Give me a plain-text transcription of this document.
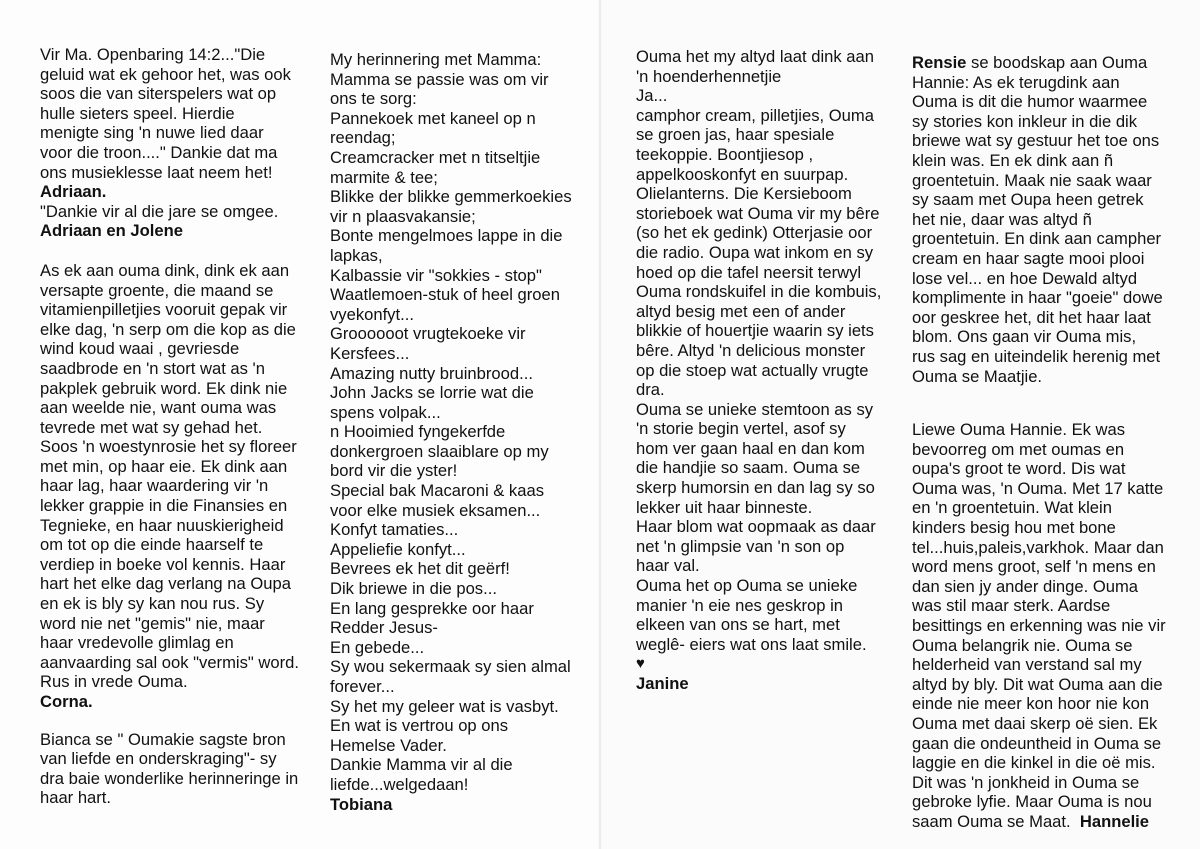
Vir Ma. Openbaring 14:2..."Die

geluid wat ek gehoor het, was ook

soos die van siterspelers wat op

hulle sieters speel. Hierdie

menigte sing 'n nuwe lied daar

voor die troon...." Dankie dat ma

ons musieklesse laat neem het!

Adriaan.

"Dankie vir al die jare se omgee.

Adriaan en Jolene

As ek aan ouma dink, dink ek aan

versapte groente, die maand se

vitamienpilletjies vooruit gepak vir

elke dag, 'n serp om die kop as die

wind koud waai , gevriesde

saadbrode en 'n stort wat as 'n

pakplek gebruik word. Ek dink nie

aan weelde nie, want ouma was

tevrede met wat sy gehad het.

Soos 'n woestynrosie het sy floreer

met min, op haar eie. Ek dink aan

haar lag, haar waardering vir 'n

lekker grappie in die Finansies en

Tegnieke, en haar nuuskierigheid

om tot op die einde haarself te

verdiep in boeke vol kennis. Haar

hart het elke dag verlang na Oupa

en ek is bly sy kan nou rus. Sy

word nie net "gemis" nie, maar

haar vredevolle glimlag en

aanvaarding sal ook "vermis" word.

Rus in vrede Ouma.

Corna.

Bianca se " Oumakie sagste bron

van liefde en onderskraging"- sy

dra baie wonderlike herinneringe in

haar hart.

My herinnering met Mamma:

Mamma se passie was om vir

ons te sorg:

Pannekoek met kaneel op n

reendag;

Creamcracker met n titseltjie

marmite & tee;

Blikke der blikke gemmerkoekies

vir n plaasvakansie;

Bonte mengelmoes lappe in die

lapkas,

Kalbassie vir "sokkies - stop"

Waatlemoen-stuk of heel groen

vyekonfyt...

Groooooot vrugtekoeke vir

Kersfees...

Amazing nutty bruinbrood...

John Jacks se lorrie wat die

spens volpak...

n Hooimied fyngekerfde

donkergroen slaaiblare op my

bord vir die yster!

Special bak Macaroni & kaas

voor elke musiek eksamen...

Konfyt tamaties...

Appeliefie konfyt...

Bevrees ek het dit geërf!

Dik briewe in die pos...

En lang gesprekke oor haar

Redder Jesus-

En gebede...

Sy wou sekermaak sy sien almal

forever...

Sy het my geleer wat is vasbyt.

En wat is vertrou op ons

Hemelse Vader.

Dankie Mamma vir al die

liefde...welgedaan!

Tobiana

Ouma het my altyd laat dink aan

'n hoenderhennetjie

Ja...

camphor cream, pilletjies, Ouma

se groen jas, haar spesiale

teekoppie. Boontjiesop ,

appelkooskonfyt en suurpap.

Olielanterns. Die Kersieboom

storieboek wat Ouma vir my bêre

(so het ek gedink) Otterjasie oor

die radio. Oupa wat inkom en sy

hoed op die tafel neersit terwyl

Ouma rondskuifel in die kombuis,

altyd besig met een of ander

blikkie of houertjie waarin sy iets

bêre. Altyd 'n delicious monster

op die stoep wat actually vrugte

dra.

Ouma se unieke stemtoon as sy

'n storie begin vertel, asof sy

hom ver gaan haal en dan kom

die handjie so saam. Ouma se

skerp humorsin en dan lag sy so

lekker uit haar binneste.

Haar blom wat oopmaak as daar

net 'n glimpsie van 'n son op

haar val.

Ouma het op Ouma se unieke

manier 'n eie nes geskrop in

elkeen van ons se hart, met

weglê- eiers wat ons laat smile.

♥

Janine

Rensie se boodskap aan Ouma

Hannie: As ek terugdink aan

Ouma is dit die humor waarmee

sy stories kon inkleur in die dik

briewe wat sy gestuur het toe ons

klein was. En ek dink aan ñ

groentetuin. Maak nie saak waar

sy saam met Oupa heen getrek

het nie, daar was altyd ñ

groentetuin. En dink aan campher

cream en haar sagte mooi plooi

lose vel... en hoe Dewald altyd

komplimente in haar "goeie" dowe

oor geskree het, dit het haar laat

blom. Ons gaan vir Ouma mis,

rus sag en uiteindelik herenig met

Ouma se Maatjie.

Liewe Ouma Hannie. Ek was

bevoorreg om met oumas en

oupa's groot te word. Dis wat

Ouma was, 'n Ouma. Met 17 katte

en 'n groentetuin. Wat klein

kinders besig hou met bone

tel...huis,paleis,varkhok. Maar dan

word mens groot, self 'n mens en

dan sien jy ander dinge. Ouma

was stil maar sterk. Aardse

besittings en erkenning was nie vir

Ouma belangrik nie. Ouma se

helderheid van verstand sal my

altyd by bly. Dit wat Ouma aan die

einde nie meer kon hoor nie kon

Ouma met daai skerp oë sien. Ek

gaan die ondeuntheid in Ouma se

laggie en die kinkel in die oë mis.

Dit was 'n jonkheid in Ouma se

gebroke lyfie. Maar Ouma is nou

saam Ouma se Maat. Hannelie
